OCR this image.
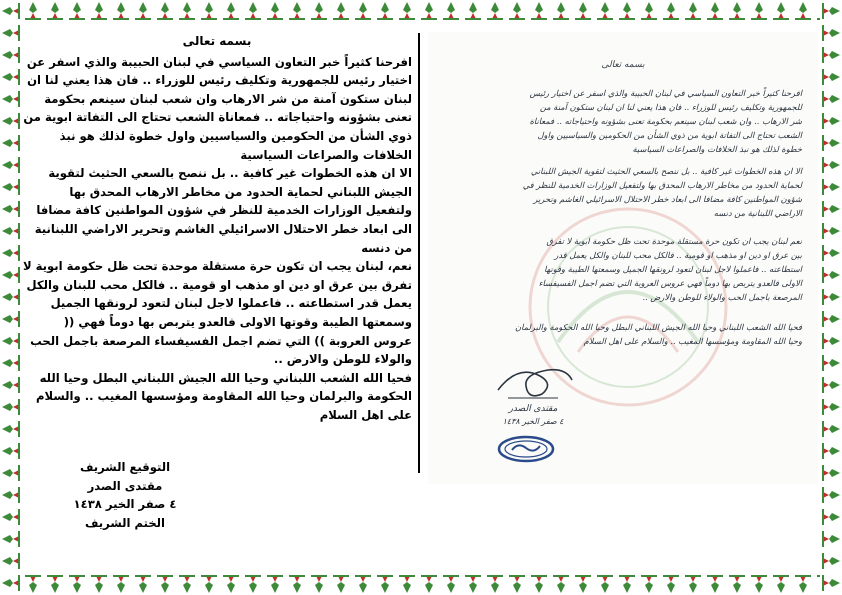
بسمه تعالى

افرحنا كثيراً خبر التعاون السياسي في لبنان الحبيبة والذي اسفر عن اختيار رئيس للجمهورية وتكليف رئيس للوزراء .. فان هذا يعني لنا ان لبنان ستكون آمنة من شر الارهاب وان شعب لبنان سينعم بحكومة تعنى بشؤونه واحتياجاته .. فمعاناة الشعب تحتاج الى التفاتة ابوية من ذوي الشأن من الحكومين والسياسيين واول خطوة لذلك هو نبذ الخلافات والصراعات السياسية

الا ان هذه الخطوات غير كافية .. بل ننصح بالسعي الحثيث لتقوية الجيش اللبناني لحماية الحدود من مخاطر الارهاب المحدق بها ولتفعيل الوزارات الخدمية للنظر في شؤون المواطنين كافة مضافا الى ابعاد خطر الاحتلال الاسرائيلي الغاشم وتحرير الاراضي اللبنانية من دنسه

نعم، لبنان يجب ان تكون حرة مستقلة موحدة تحت ظل حكومة ابوية لا تفرق بين عرق او دين او مذهب او قومية .. فالكل محب للبنان والكل يعمل قدر استطاعته .. فاعملوا لاجل لبنان لتعود لرونقها الجميل وسمعتها الطيبة وقوتها الاولى فالعدو يتربص بها دوماً فهي (( عروس العروبة )) التي تضم اجمل الفسيفساء المرصعة باجمل الحب والولاء للوطن والارض ..

فحيا الله الشعب اللبناني وحيا الله الجيش اللبناني البطل وحيا الله الحكومة والبرلمان وحيا الله المقاومة ومؤسسها المغيب .. والسلام على اهل السلام

التوقيع الشريف
مقتدى الصدر
٤ صفر الخير ١٤٣٨
الختم الشريف
بسمه تعالى
افرحنا كثيراً خبر التعاون السياسي في لبنان الحبيبة والذي اسفر عن اختيار رئيس
للجمهورية وتكليف رئيس للوزراء .. فان هذا يعني لنا ان لبنان ستكون آمنة من
شر الارهاب .. وان شعب لبنان سينعم بحكومة تعنى بشؤونه واحتياجاته .. فمعاناة
الشعب تحتاج الى التفاتة ابوية من ذوي الشأن من الحكومين والسياسيين واول
خطوة لذلك هو نبذ الخلافات والصراعات السياسية
الا ان هذه الخطوات غير كافية .. بل ننصح بالسعي الحثيث لتقوية الجيش اللبناني
لحماية الحدود من مخاطر الارهاب المحدق بها ولتفعيل الوزارات الخدمية للنظر في
شؤون المواطنين كافة مضافا الى ابعاد خطر الاحتلال الاسرائيلي الغاشم وتحرير
الاراضي اللبنانية من دنسه
نعم لبنان يجب ان تكون حرة مستقلة موحدة تحت ظل حكومة ابوية لا تفرق
بين عرق او دين او مذهب او قومية .. فالكل محب للبنان والكل يعمل قدر
استطاعته .. فاعملوا لاجل لبنان لتعود لرونقها الجميل وسمعتها الطيبة وقوتها
الاولى فالعدو يتربص بها دوماً فهي عروس العروبة التي تضم اجمل الفسيفساء
المرصعة باجمل الحب والولاء للوطن والارض ..
فحيا الله الشعب اللبناني وحيا الله الجيش اللبناني البطل وحيا الله الحكومة والبرلمان
وحيا الله المقاومة ومؤسسها المغيب .. والسلام على اهل السلام
مقتدى الصدر
٤ صفر الخير ١٤٣٨
